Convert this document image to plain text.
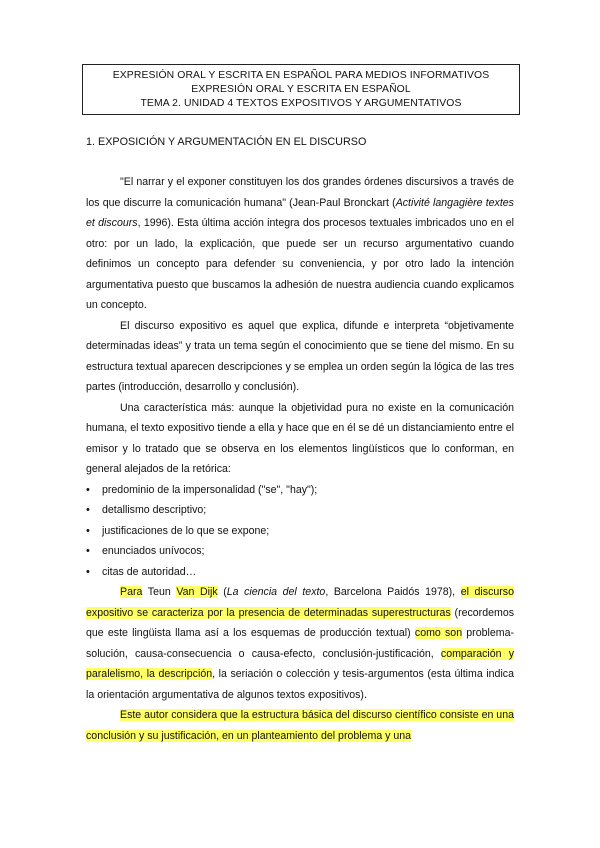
EXPRESIÓN ORAL Y ESCRITA EN ESPAÑOL PARA MEDIOS INFORMATIVOS
EXPRESIÓN ORAL Y ESCRITA EN ESPAÑOL
TEMA 2. UNIDAD 4 TEXTOS EXPOSITIVOS Y ARGUMENTATIVOS
1. EXPOSICIÓN Y ARGUMENTACIÓN EN EL DISCURSO

"El narrar y el exponer constituyen los dos grandes órdenes discursivos a través de los que discurre la comunicación humana" (Jean-Paul Bronckart (Activité langagière textes et discours, 1996). Esta última acción integra dos procesos textuales imbricados uno en el otro: por un lado, la explicación, que puede ser un recurso argumentativo cuando definimos un concepto para defender su conveniencia, y por otro lado la intención argumentativa puesto que buscamos la adhesión de nuestra audiencia cuando explicamos un concepto.

El discurso expositivo es aquel que explica, difunde e interpreta “objetivamente determinadas ideas” y trata un tema según el conocimiento que se tiene del mismo. En su estructura textual aparecen descripciones y se emplea un orden según la lógica de las tres partes (introducción, desarrollo y conclusión).

Una característica más: aunque la objetividad pura no existe en la comunicación humana, el texto expositivo tiende a ella y hace que en él se dé un distanciamiento entre el emisor y lo tratado que se observa en los elementos lingüísticos que lo conforman, en general alejados de la retórica:

• predominio de la impersonalidad ("se", "hay");
• detallismo descriptivo;
• justificaciones de lo que se expone;
• enunciados unívocos;
• citas de autoridad…

Para Teun Van Dijk (La ciencia del texto, Barcelona Paidós 1978), el discurso expositivo se caracteriza por la presencia de determinadas superestructuras (recordemos que este lingüista llama así a los esquemas de producción textual) como son problema-solución, causa-consecuencia o causa-efecto, conclusión-justificación, comparación y paralelismo, la descripción, la seriación o colección y tesis-argumentos (esta última indica la orientación argumentativa de algunos textos expositivos).

Este autor considera que la estructura básica del discurso científico consiste en una conclusión y su justificación, en un planteamiento del problema y una
